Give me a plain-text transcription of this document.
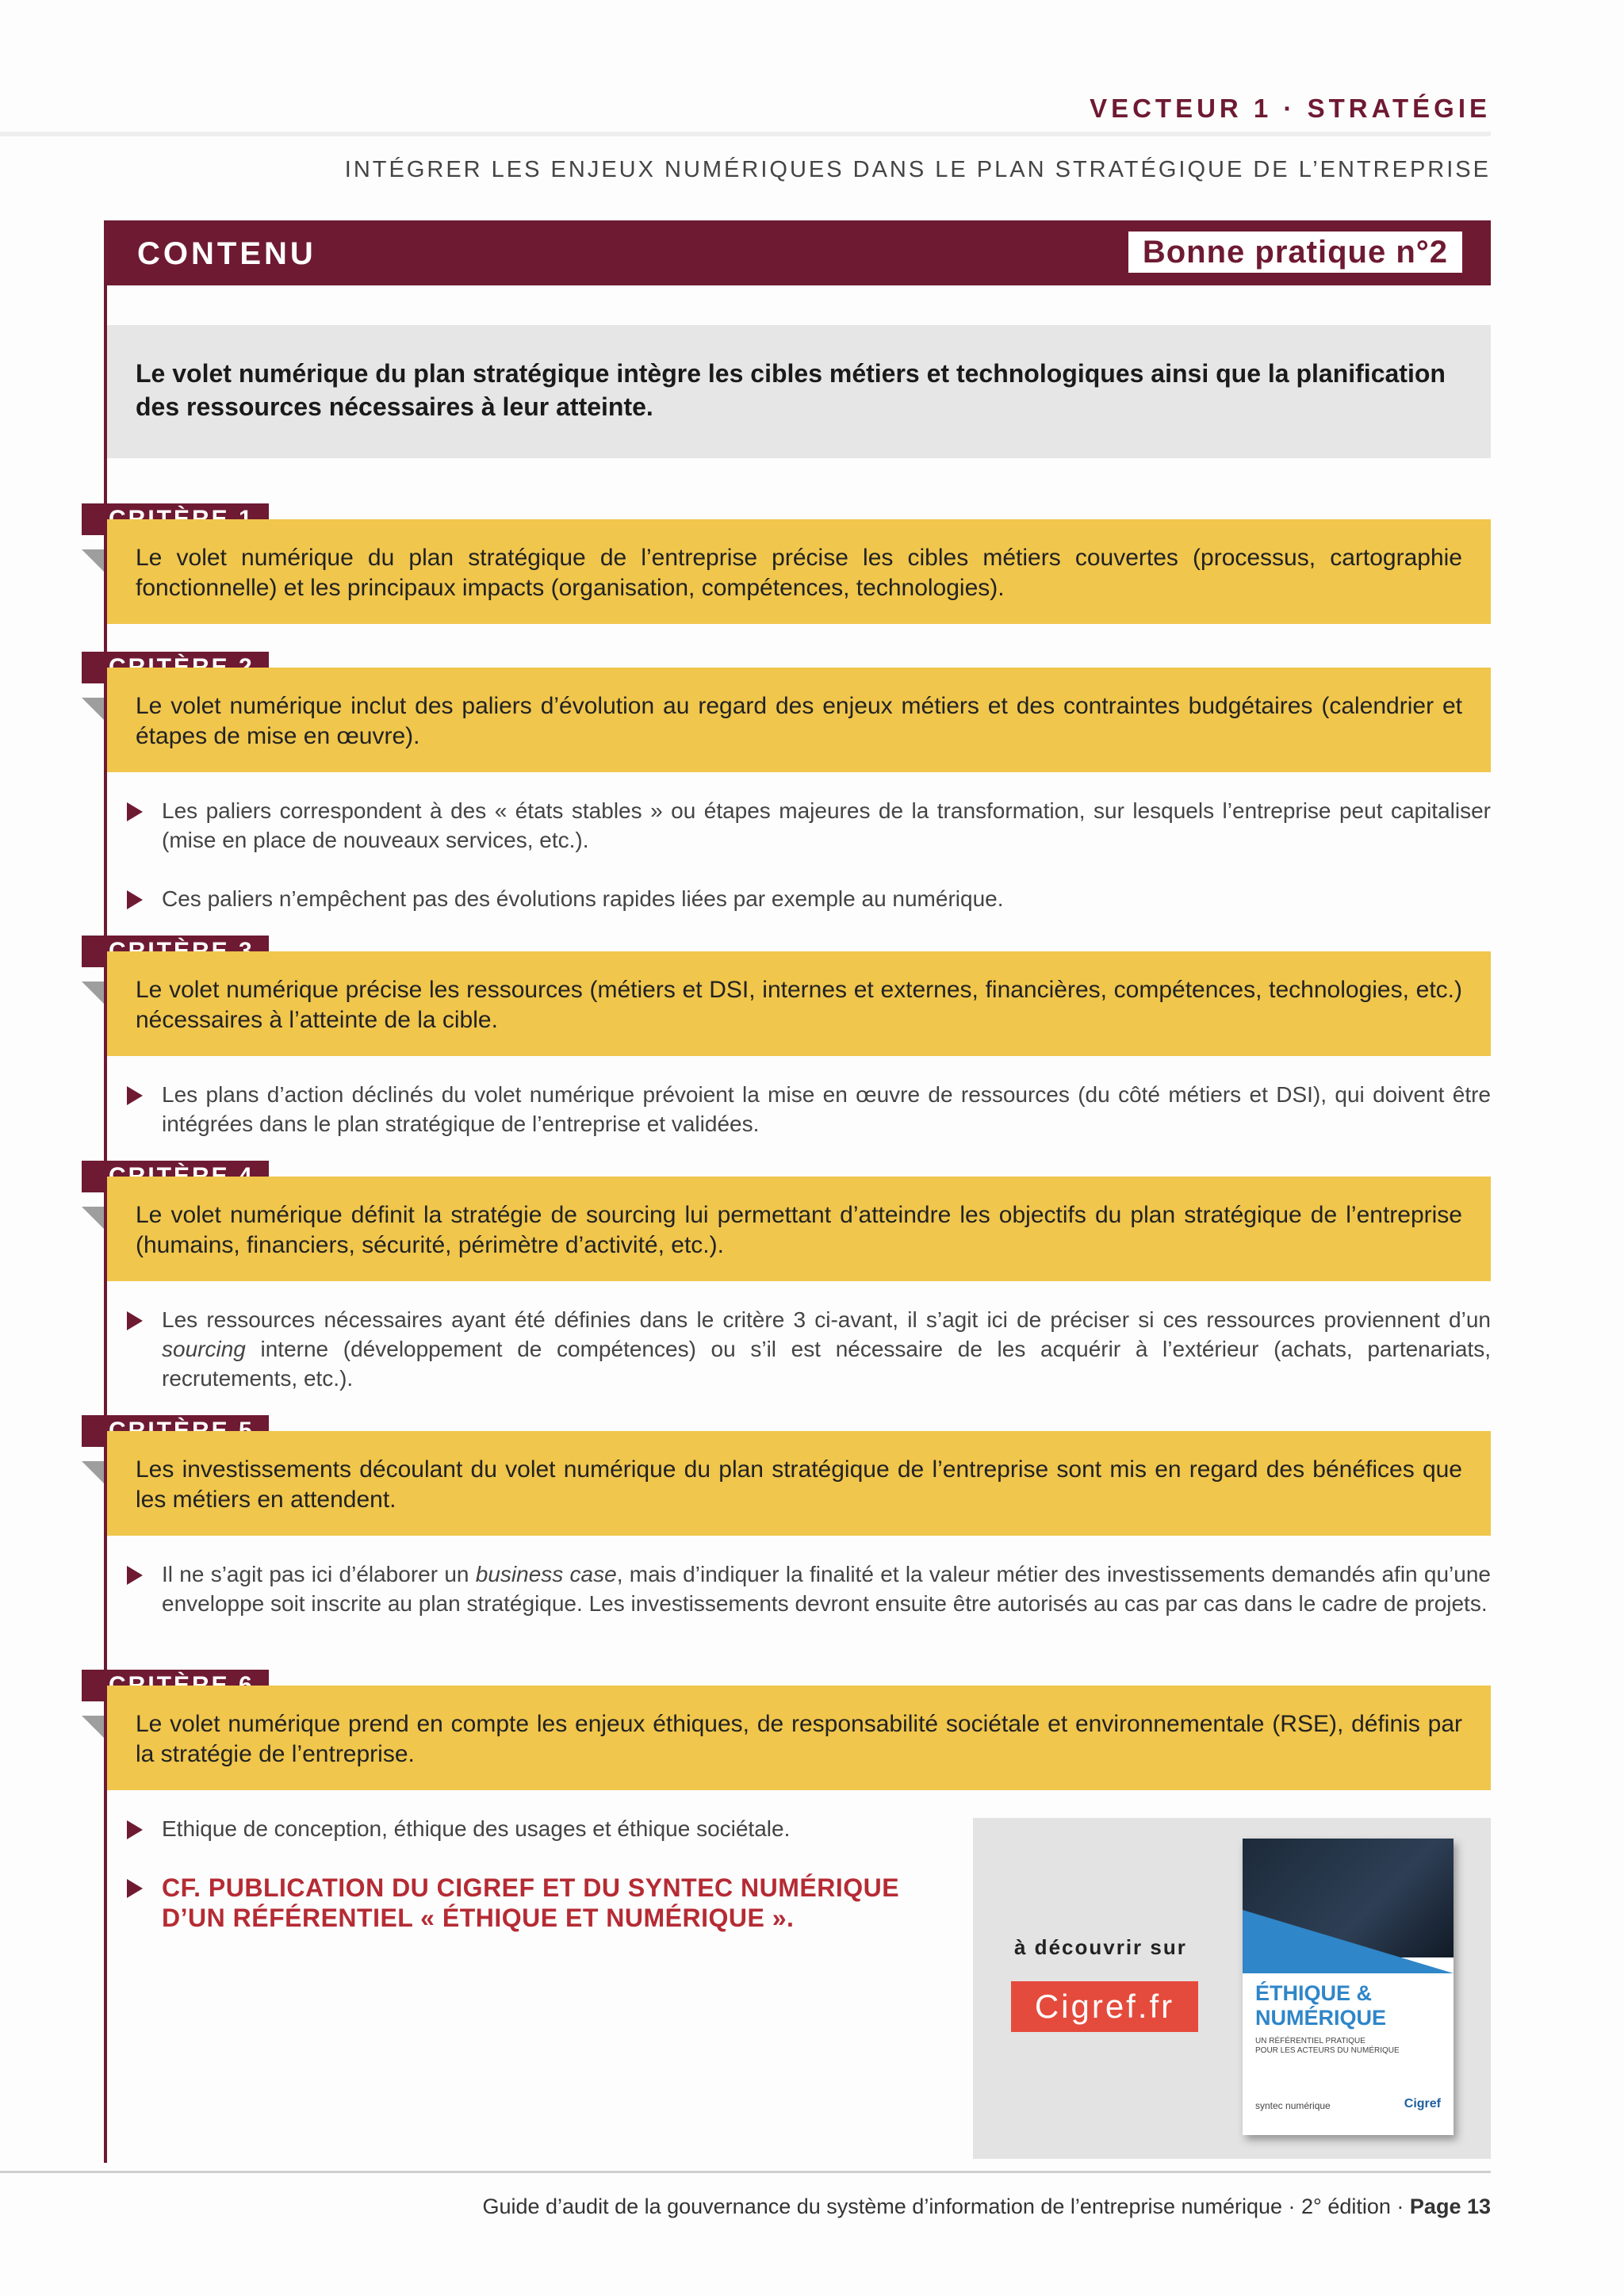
VECTEUR 1 · STRATÉGIE
INTÉGRER LES ENJEUX NUMÉRIQUES DANS LE PLAN STRATÉGIQUE DE L’ENTREPRISE
CONTENU	Bonne pratique n°2
Le volet numérique du plan stratégique intègre les cibles métiers et technologiques ainsi que la planification des ressources nécessaires à leur atteinte.
Le volet numérique du plan stratégique de l’entreprise précise les cibles métiers couvertes (processus, cartographie fonctionnelle) et les principaux impacts (organisation, compétences, technologies).
Le volet numérique inclut des paliers d’évolution au regard des enjeux métiers et des contraintes budgétaires (calendrier et étapes de mise en œuvre).
Les paliers correspondent à des « états stables » ou étapes majeures de la transformation, sur lesquels l’entreprise peut capitaliser (mise en place de nouveaux services, etc.).
Ces paliers n’empêchent pas des évolutions rapides liées par exemple au numérique.
Le volet numérique précise les ressources (métiers et DSI, internes et externes, financières, compétences, technologies, etc.) nécessaires à l’atteinte de la cible.
Les plans d’action déclinés du volet numérique prévoient la mise en œuvre de ressources (du côté métiers et DSI), qui doivent être intégrées dans le plan stratégique de l’entreprise et validées.
Le volet numérique définit la stratégie de sourcing lui permettant d’atteindre les objectifs du plan stratégique de l’entreprise (humains, financiers, sécurité, périmètre d’activité, etc.).
Les ressources nécessaires ayant été définies dans le critère 3 ci-avant, il s’agit ici de préciser si ces ressources proviennent d’un sourcing interne (développement de compétences) ou s’il est nécessaire de les acquérir à l’extérieur (achats, partenariats, recrutements, etc.).
Les investissements découlant du volet numérique du plan stratégique de l’entreprise sont mis en regard des bénéfices que les métiers en attendent.
Il ne s’agit pas ici d’élaborer un business case, mais d’indiquer la finalité et la valeur métier des investissements demandés afin qu’une enveloppe soit inscrite au plan stratégique. Les investissements devront ensuite être autorisés au cas par cas dans le cadre de projets.
Le volet numérique prend en compte les enjeux éthiques, de responsabilité sociétale et environnementale (RSE), définis par la stratégie de l’entreprise.
Ethique de conception, éthique des usages et éthique sociétale.
CF. PUBLICATION DU CIGREF ET DU SYNTEC NUMÉRIQUE D’UN RÉFÉRENTIEL « ÉTHIQUE ET NUMÉRIQUE ».
à découvrir sur
Cigref.fr	ÉTHIQUE &
NUMÉRIQUE
UN RÉFÉRENTIEL PRATIQUE
POUR LES ACTEURS DU NUMÉRIQUE
syntec numérique	Cigref
Guide d’audit de la gouvernance du système d’information de l’entreprise numérique · 2° édition · Page 13
